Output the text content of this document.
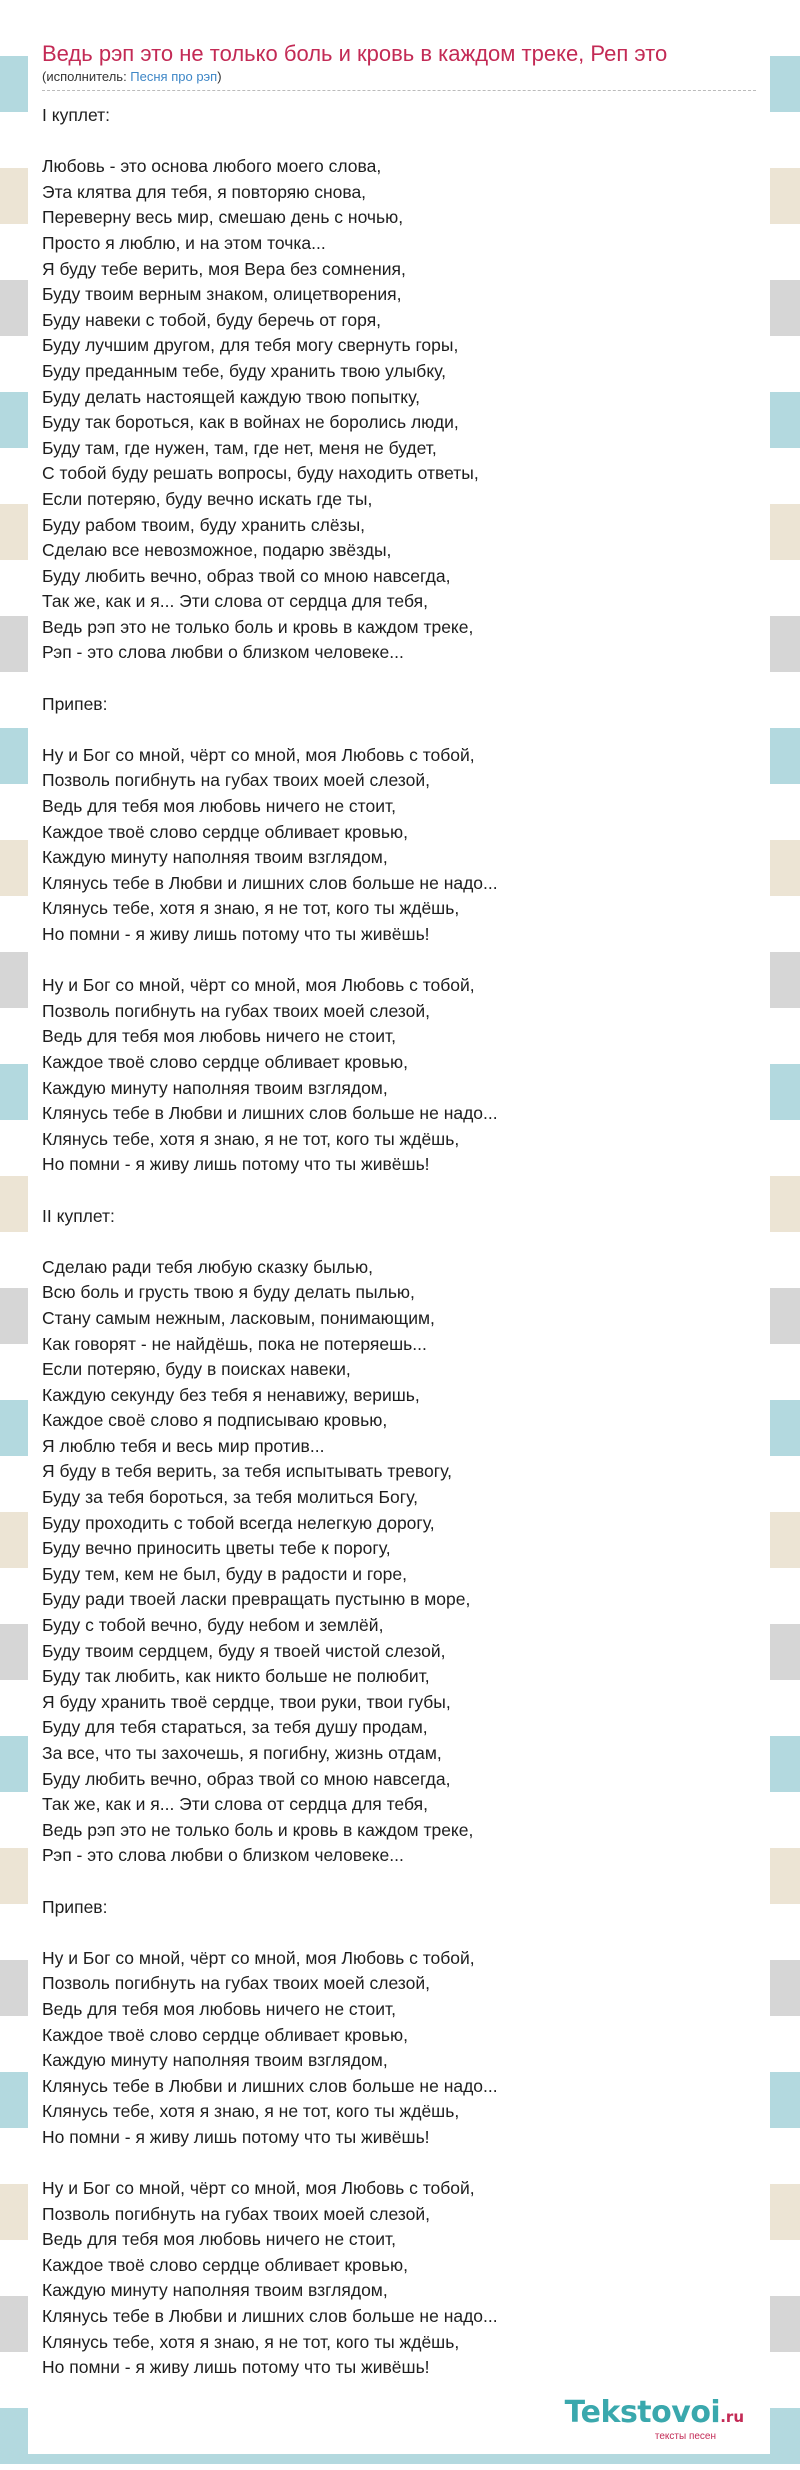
Ведь рэп это не только боль и кровь в каждом треке, Реп это
(исполнитель: Песня про рэп)
I куплет:

Любовь - это основа любого моего слова,
Эта клятва для тебя, я повторяю снова,
Переверну весь мир, смешаю день с ночью,
Просто я люблю, и на этом точка...
Я буду тебе верить, моя Вера без сомнения,
Буду твоим верным знаком, олицетворения,
Буду навеки с тобой, буду беречь от горя,
Буду лучшим другом, для тебя могу свернуть горы,
Буду преданным тебе, буду хранить твою улыбку,
Буду делать настоящей каждую твою попытку,
Буду так бороться, как в войнах не боролись люди,
Буду там, где нужен, там, где нет, меня не будет,
С тобой буду решать вопросы, буду находить ответы,
Если потеряю, буду вечно искать где ты,
Буду рабом твоим, буду хранить слёзы,
Сделаю все невозможное, подарю звёзды,
Буду любить вечно, образ твой со мною навсегда,
Так же, как и я... Эти слова от сердца для тебя,
Ведь рэп это не только боль и кровь в каждом треке,
Рэп - это слова любви о близком человеке...

Припев:

Ну и Бог со мной, чёрт со мной, моя Любовь с тобой,
Позволь погибнуть на губах твоих моей слезой,
Ведь для тебя моя любовь ничего не стоит,
Каждое твоё слово сердце обливает кровью,
Каждую минуту наполняя твоим взглядом,
Клянусь тебе в Любви и лишних слов больше не надо...
Клянусь тебе, хотя я знаю, я не тот, кого ты ждёшь,
Но помни - я живу лишь потому что ты живёшь!

Ну и Бог со мной, чёрт со мной, моя Любовь с тобой,
Позволь погибнуть на губах твоих моей слезой,
Ведь для тебя моя любовь ничего не стоит,
Каждое твоё слово сердце обливает кровью,
Каждую минуту наполняя твоим взглядом,
Клянусь тебе в Любви и лишних слов больше не надо...
Клянусь тебе, хотя я знаю, я не тот, кого ты ждёшь,
Но помни - я живу лишь потому что ты живёшь!

II куплет:

Сделаю ради тебя любую сказку былью,
Всю боль и грусть твою я буду делать пылью,
Стану самым нежным, ласковым, понимающим,
Как говорят - не найдёшь, пока не потеряешь...
Если потеряю, буду в поисках навеки,
Каждую секунду без тебя я ненавижу, веришь,
Каждое своё слово я подписываю кровью,
Я люблю тебя и весь мир против...
Я буду в тебя верить, за тебя испытывать тревогу,
Буду за тебя бороться, за тебя молиться Богу,
Буду проходить с тобой всегда нелегкую дорогу,
Буду вечно приносить цветы тебе к порогу,
Буду тем, кем не был, буду в радости и горе,
Буду ради твоей ласки превращать пустыню в море,
Буду с тобой вечно, буду небом и землёй,
Буду твоим сердцем, буду я твоей чистой слезой,
Буду так любить, как никто больше не полюбит,
Я буду хранить твоё сердце, твои руки, твои губы,
Буду для тебя стараться, за тебя душу продам,
За все, что ты захочешь, я погибну, жизнь отдам,
Буду любить вечно, образ твой со мною навсегда,
Так же, как и я... Эти слова от сердца для тебя,
Ведь рэп это не только боль и кровь в каждом треке,
Рэп - это слова любви о близком человеке...

Припев:

Ну и Бог со мной, чёрт со мной, моя Любовь с тобой,
Позволь погибнуть на губах твоих моей слезой,
Ведь для тебя моя любовь ничего не стоит,
Каждое твоё слово сердце обливает кровью,
Каждую минуту наполняя твоим взглядом,
Клянусь тебе в Любви и лишних слов больше не надо...
Клянусь тебе, хотя я знаю, я не тот, кого ты ждёшь,
Но помни - я живу лишь потому что ты живёшь!

Ну и Бог со мной, чёрт со мной, моя Любовь с тобой,
Позволь погибнуть на губах твоих моей слезой,
Ведь для тебя моя любовь ничего не стоит,
Каждое твоё слово сердце обливает кровью,
Каждую минуту наполняя твоим взглядом,
Клянусь тебе в Любви и лишних слов больше не надо...
Клянусь тебе, хотя я знаю, я не тот, кого ты ждёшь,
Но помни - я живу лишь потому что ты живёшь!
Tekstovoi.ru
тексты песен
